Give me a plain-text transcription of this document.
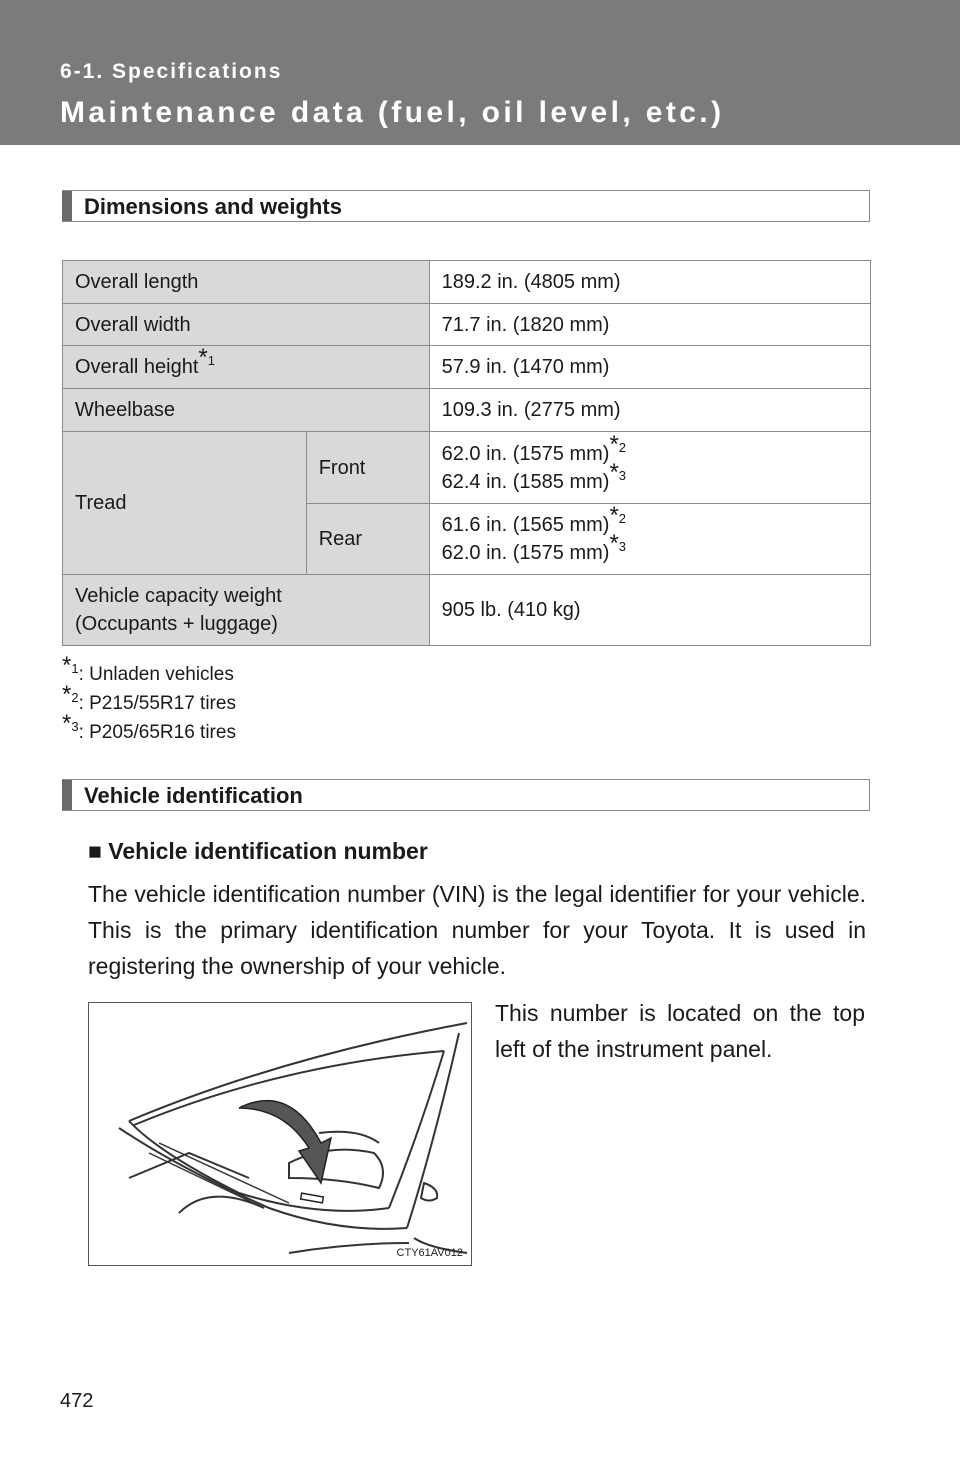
6-1. Specifications
Maintenance data (fuel, oil level, etc.)
Dimensions and weights
Overall length		189.2 in. (4805 mm)
Overall width		71.7 in. (1820 mm)
Overall height$^{*1}$		57.9 in. (1470 mm)
Wheelbase		109.3 in. (2775 mm)
Tread	Front	62.0 in. (1575 mm)$^{*2}$
62.4 in. (1585 mm)$^{*3}$
	Rear	61.6 in. (1565 mm)$^{*2}$
62.0 in. (1575 mm)$^{*3}$
Vehicle capacity weight
(Occupants + luggage)		905 lb. (410 kg)
$^{*1}$: Unladen vehicles
$^{*2}$: P215/55R17 tires
$^{*3}$: P205/65R16 tires
Vehicle identification
■ Vehicle identification number
The vehicle identification number (VIN) is the legal identifier for your vehicle. This is the primary identification number for your Toyota. It is used in registering the ownership of your vehicle.
CTY61AV012
This number is located on the top left of the instrument panel.
472
